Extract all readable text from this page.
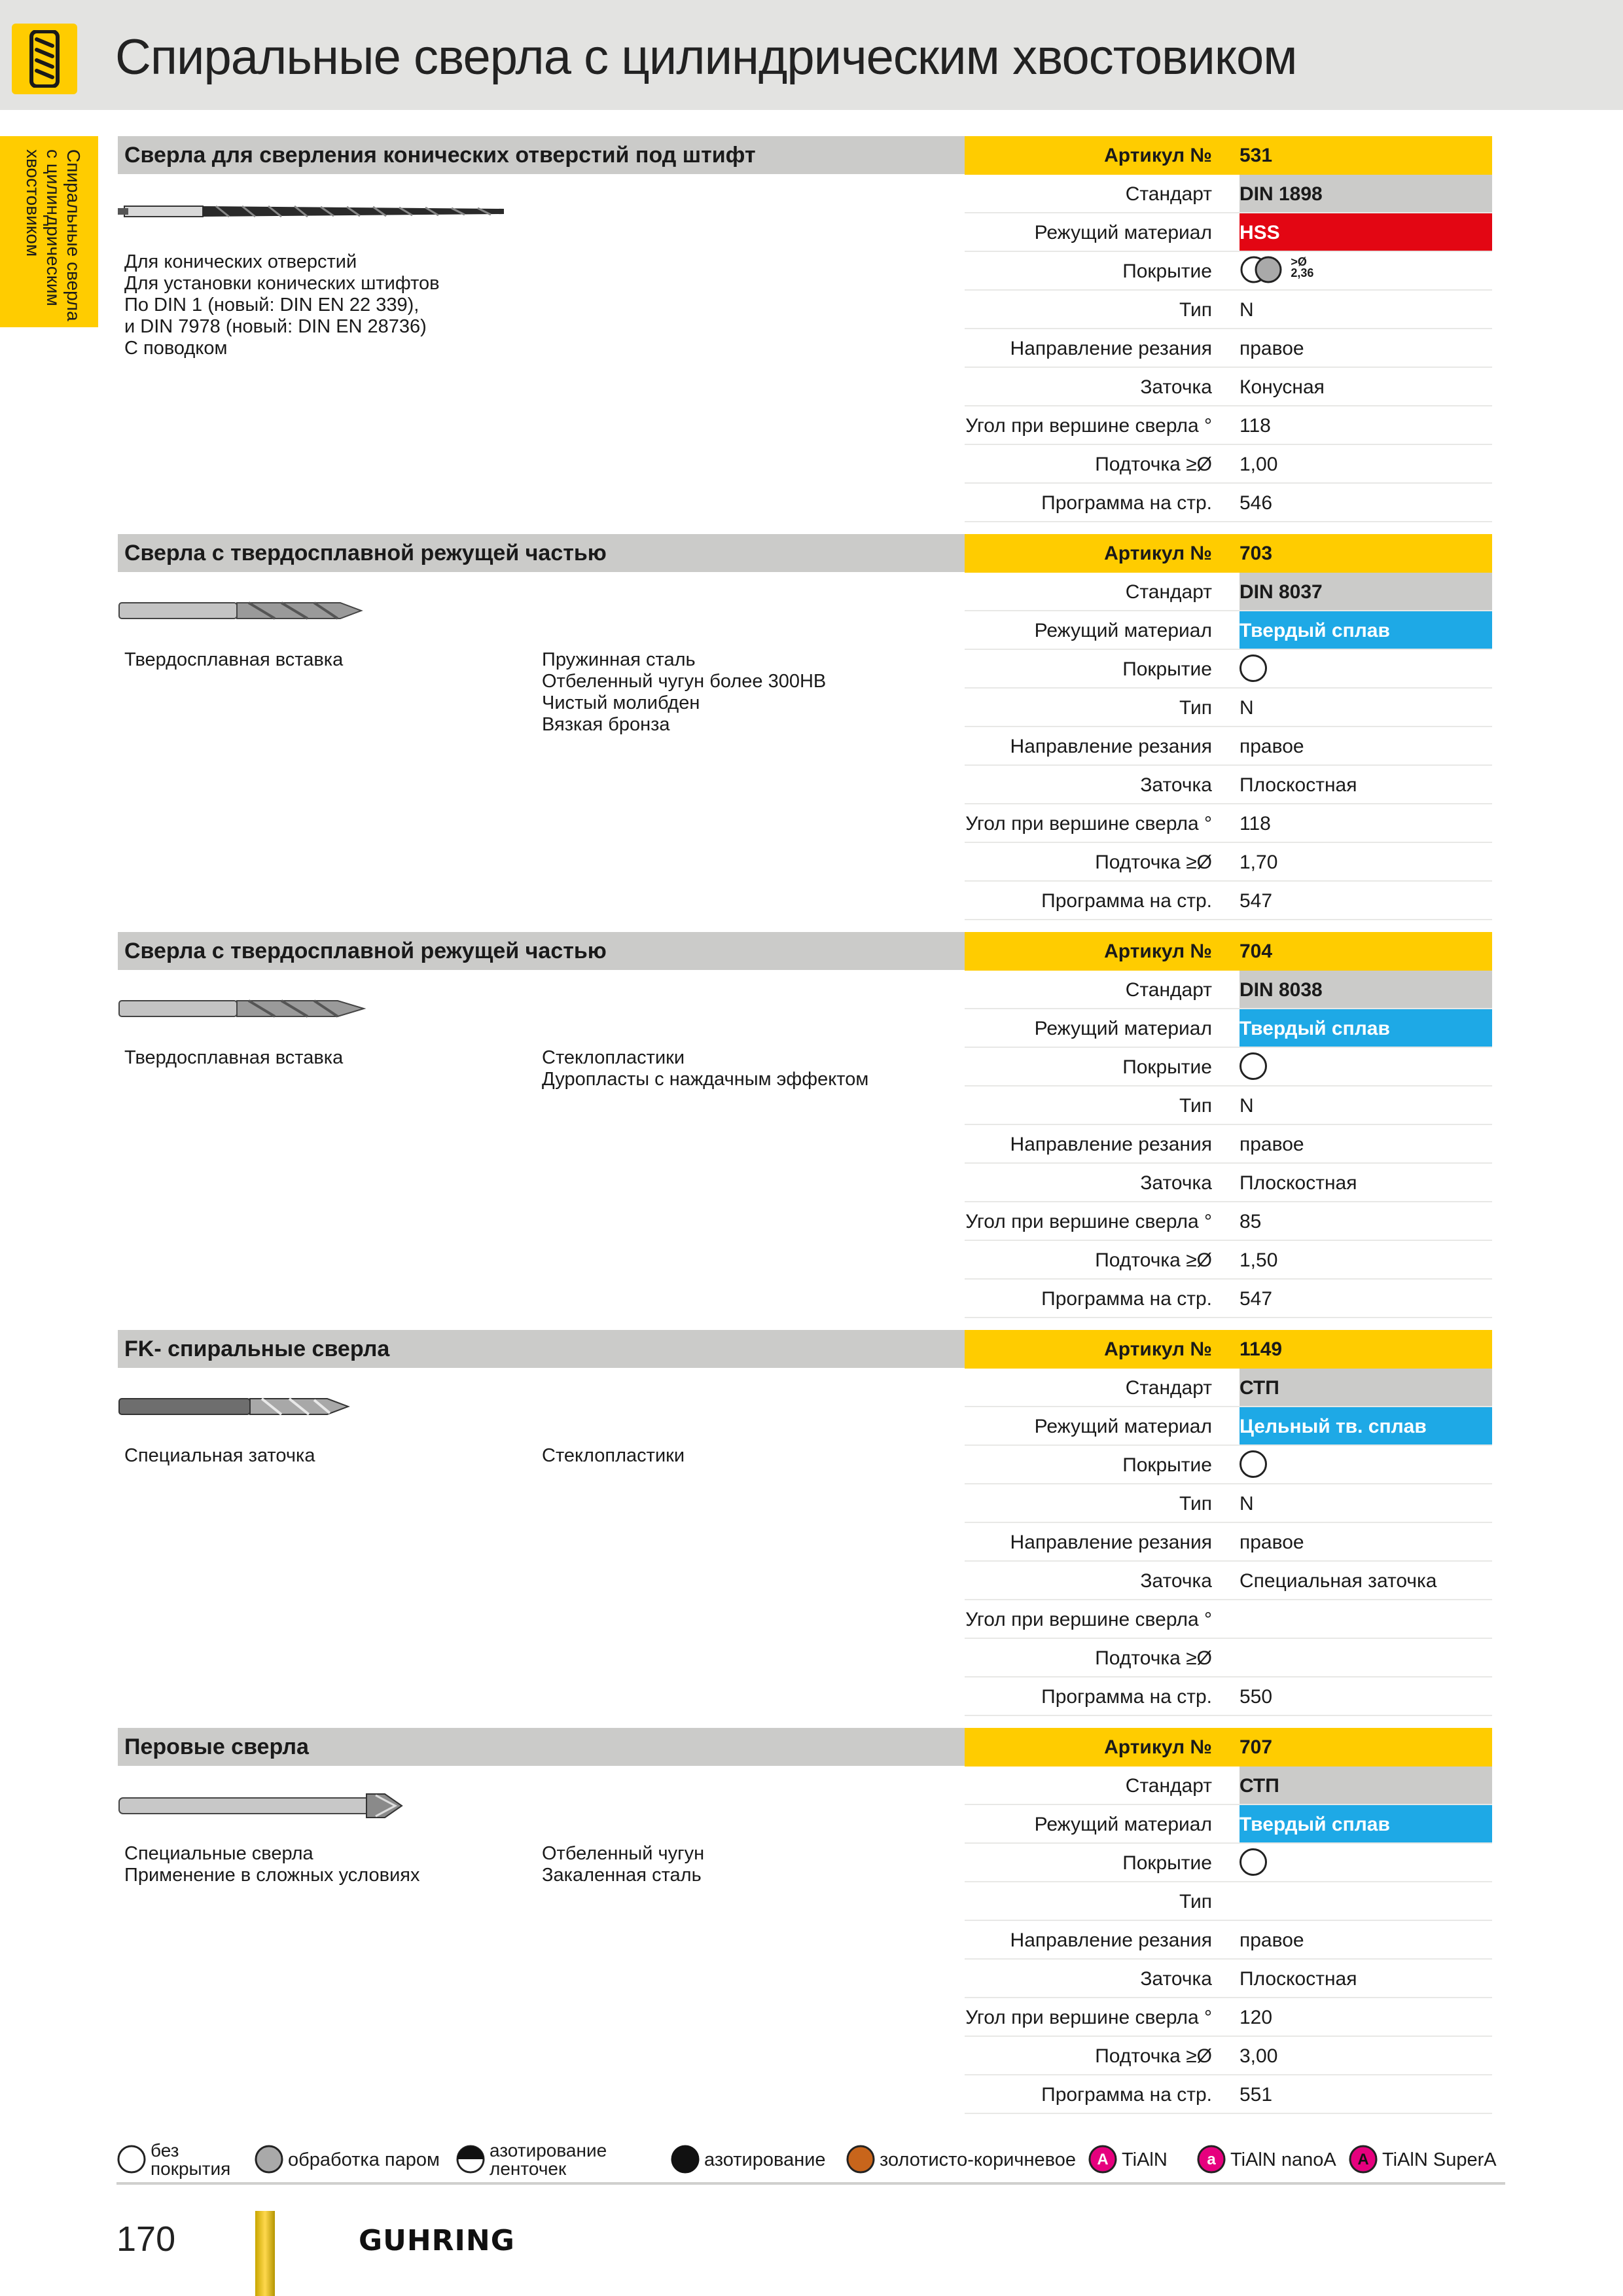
Спиральные сверла с цилиндрическим хвостовиком
Спиральные сверла с цилиндрическим хвостовиком	Сверла для сверления конических отверстий под штифт
Для конических отверстий
Для установки конических штифтов
По DIN 1 (новый: DIN EN 22 339),
и DIN 7978 (новый: DIN EN 28736)
С поводком
Артикул № 531
Стандарт DIN 1898
Режущий материал HSS
Покрытие	>Ø 2,36
Тип N
Направление резания правое
Заточка Конусная
Угол при вершине сверла ° 118
Подточка ≥Ø 1,00
Программа на стр. 546
Сверла с твердосплавной режущей частью
Твердосплавная вставка	Пружинная сталь
Отбеленный чугун более 300HB
Чистый молибден
Вязкая бронза
Артикул № 703
Стандарт DIN 8037
Режущий материал Твердый сплав
Покрытие
Тип N
Направление резания правое
Заточка Плоскостная
Угол при вершине сверла ° 118
Подточка ≥Ø 1,70
Программа на стр. 547
Сверла с твердосплавной режущей частью
Твердосплавная вставка	Стеклопластики
Дуропласты с наждачным эффектом
Артикул № 704
Стандарт DIN 8038
Режущий материал Твердый сплав
Покрытие
Тип N
Направление резания правое
Заточка Плоскостная
Угол при вершине сверла ° 85
Подточка ≥Ø 1,50
Программа на стр. 547
FK- спиральные сверла
Специальная заточка	Стеклопластики
Артикул № 1149
Стандарт СТП
Режущий материал Цельный тв. сплав
Покрытие
Тип N
Направление резания правое
Заточка Специальная заточка
Угол при вершине сверла °
Подточка ≥Ø
Программа на стр. 550
Перовые сверла
Специальные сверла
Применение в сложных условиях
Отбеленный чугун
Закаленная сталь
Артикул № 707
Стандарт СТП
Режущий материал Твердый сплав
Покрытие
Тип
Направление резания правое
Заточка Плоскостная
Угол при вершине сверла ° 120
Подточка ≥Ø 3,00
Программа на стр. 551
без
покрытия	обработка паром	азотирование
ленточек	азотирование	золотисто-коричневое A TiAlN	a TiAlN nanoA A TiAlN SuperA
170	GUHRING
